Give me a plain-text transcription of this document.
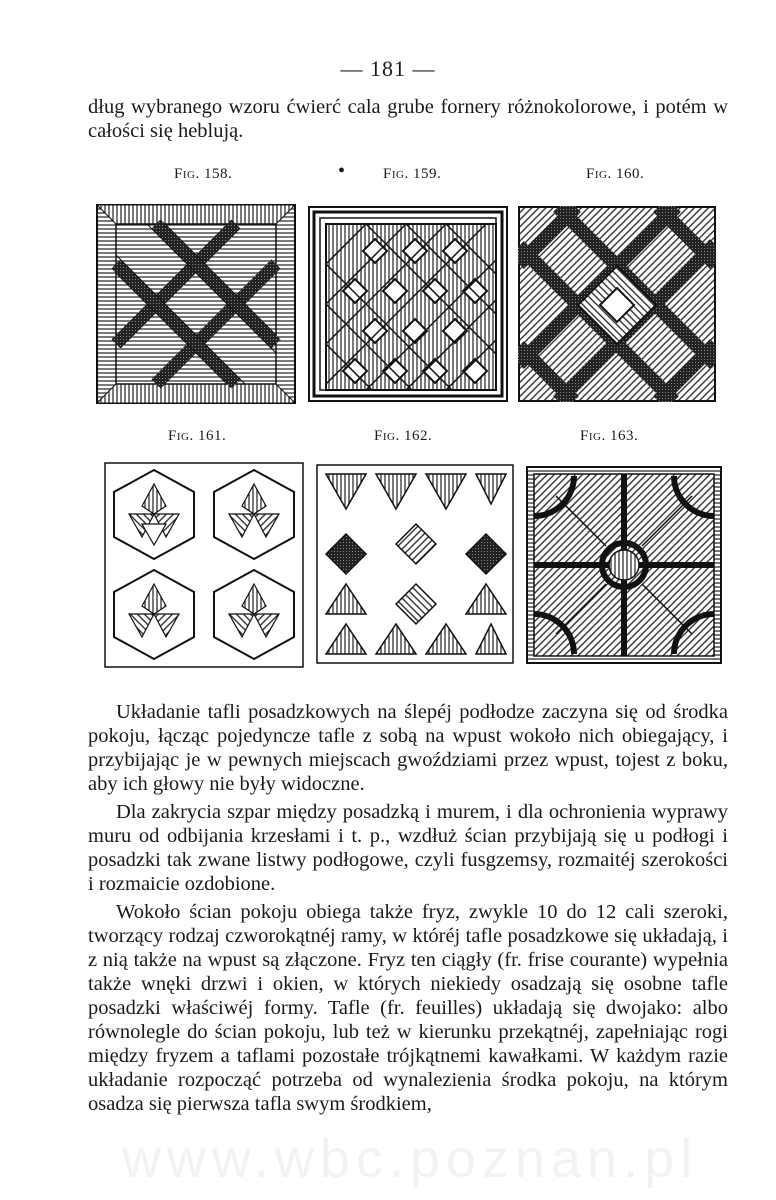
— 181 —
dług wybranego wzoru ćwierć cala grube fornery różnokolorowe, i potém w całości się heblują.
Fig. 158.	•	Fig. 159.	Fig. 160.
Fig. 161.	Fig. 162.	Fig. 163.
Układanie tafli posadzkowych na ślepéj podłodze zaczyna się od środka pokoju, łącząc pojedyncze tafle z sobą na wpust wokoło nich obiegający, i przybijając je w pewnych miejscach gwoździami przez wpust, tojest z boku, aby ich głowy nie były widoczne.
Dla zakrycia szpar między posadzką i murem, i dla ochronienia wyprawy muru od odbijania krzesłami i t. p., wzdłuż ścian przybijają się u podłogi i posadzki tak zwane listwy podłogowe, czyli fusgzemsy, rozmaitéj szerokości i rozmaicie ozdobione.
Wokoło ścian pokoju obiega także fryz, zwykle 10 do 12 cali szeroki, tworzący rodzaj czworokątnéj ramy, w któréj tafle posadzkowe się układają, i z nią także na wpust są złączone. Fryz ten ciągły (fr. frise courante) wypełnia także wnęki drzwi i okien, w których niekiedy osadzają się osobne tafle posadzki właściwéj formy. Tafle (fr. feuilles) układają się dwojako: albo równolegle do ścian pokoju, lub też w kierunku przekątnéj, zapełniając rogi między fryzem a taflami pozostałe trójkątnemi kawałkami. W każdym razie układanie rozpocząć potrzeba od wynalezienia środka pokoju, na którym osadza się pierwsza tafla swym środkiem,
www.wbc.poznan.pl
